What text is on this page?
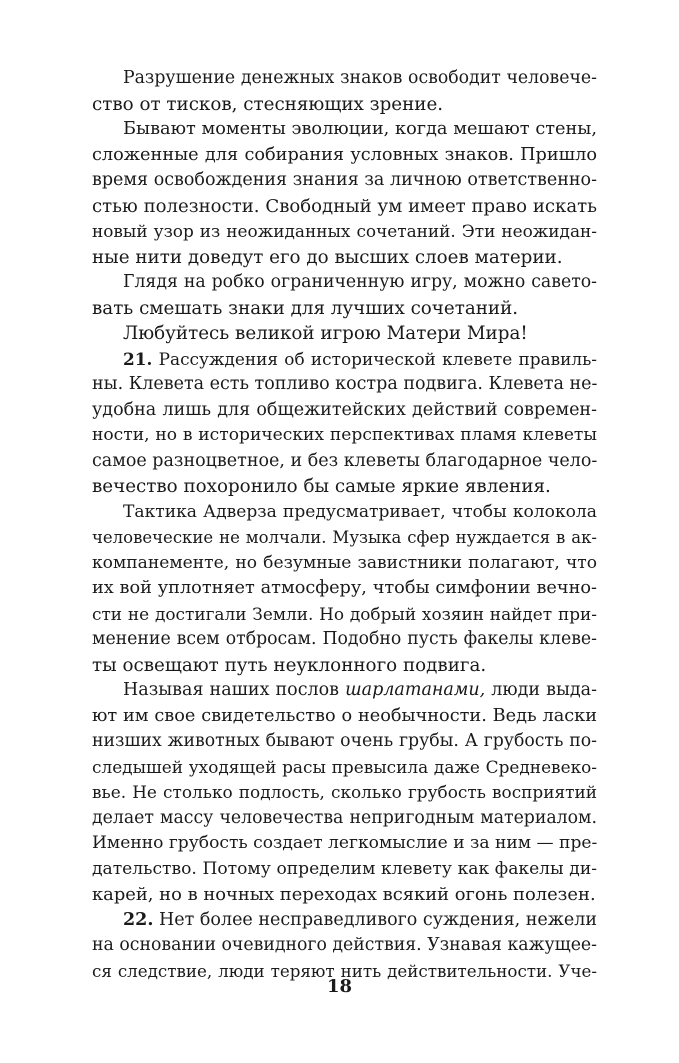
Разрушение денежных знаков освободит человече-
ство от тисков, стесняющих зрение.
Бывают моменты эволюции, когда мешают стены,
сложенные для собирания условных знаков. Пришло
время освобождения знания за личною ответственно-
стью полезности. Свободный ум имеет право искать
новый узор из неожиданных сочетаний. Эти неожидан-
ные нити доведут его до высших слоев материи.
Глядя на робко ограниченную игру, можно савето-
вать смешать знаки для лучших сочетаний.
Любуйтесь великой игрою Матери Мира!
21. Рассуждения об исторической клевете правиль-
ны. Клевета есть топливо костра подвига. Клевета не-
удобна лишь для общежитейских действий современ-
ности, но в исторических перспективах пламя клеветы
самое разноцветное, и без клеветы благодарное чело-
вечество похоронило бы самые яркие явления.
Тактика Адверза предусматривает, чтобы колокола
человеческие не молчали. Музыка сфер нуждается в ак-
компанементе, но безумные завистники полагают, что
их вой уплотняет атмосферу, чтобы симфонии вечно-
сти не достигали Земли. Но добрый хозяин найдет при-
менение всем отбросам. Подобно пусть факелы клеве-
ты освещают путь неуклонного подвига.
Называя наших послов шарлатанами, люди выда-
ют им свое свидетельство о необычности. Ведь ласки
низших животных бывают очень грубы. А грубость по-
следышей уходящей расы превысила даже Средневеко-
вье. Не столько подлость, сколько грубость восприятий
делает массу человечества непригодным материалом.
Именно грубость создает легкомыслие и за ним — пре-
дательство. Потому определим клевету как факелы ди-
карей, но в ночных переходах всякий огонь полезен.
22. Нет более несправедливого суждения, нежели
на основании очевидного действия. Узнавая кажущее-
ся следствие, люди теряют нить действительности. Уче-
18
